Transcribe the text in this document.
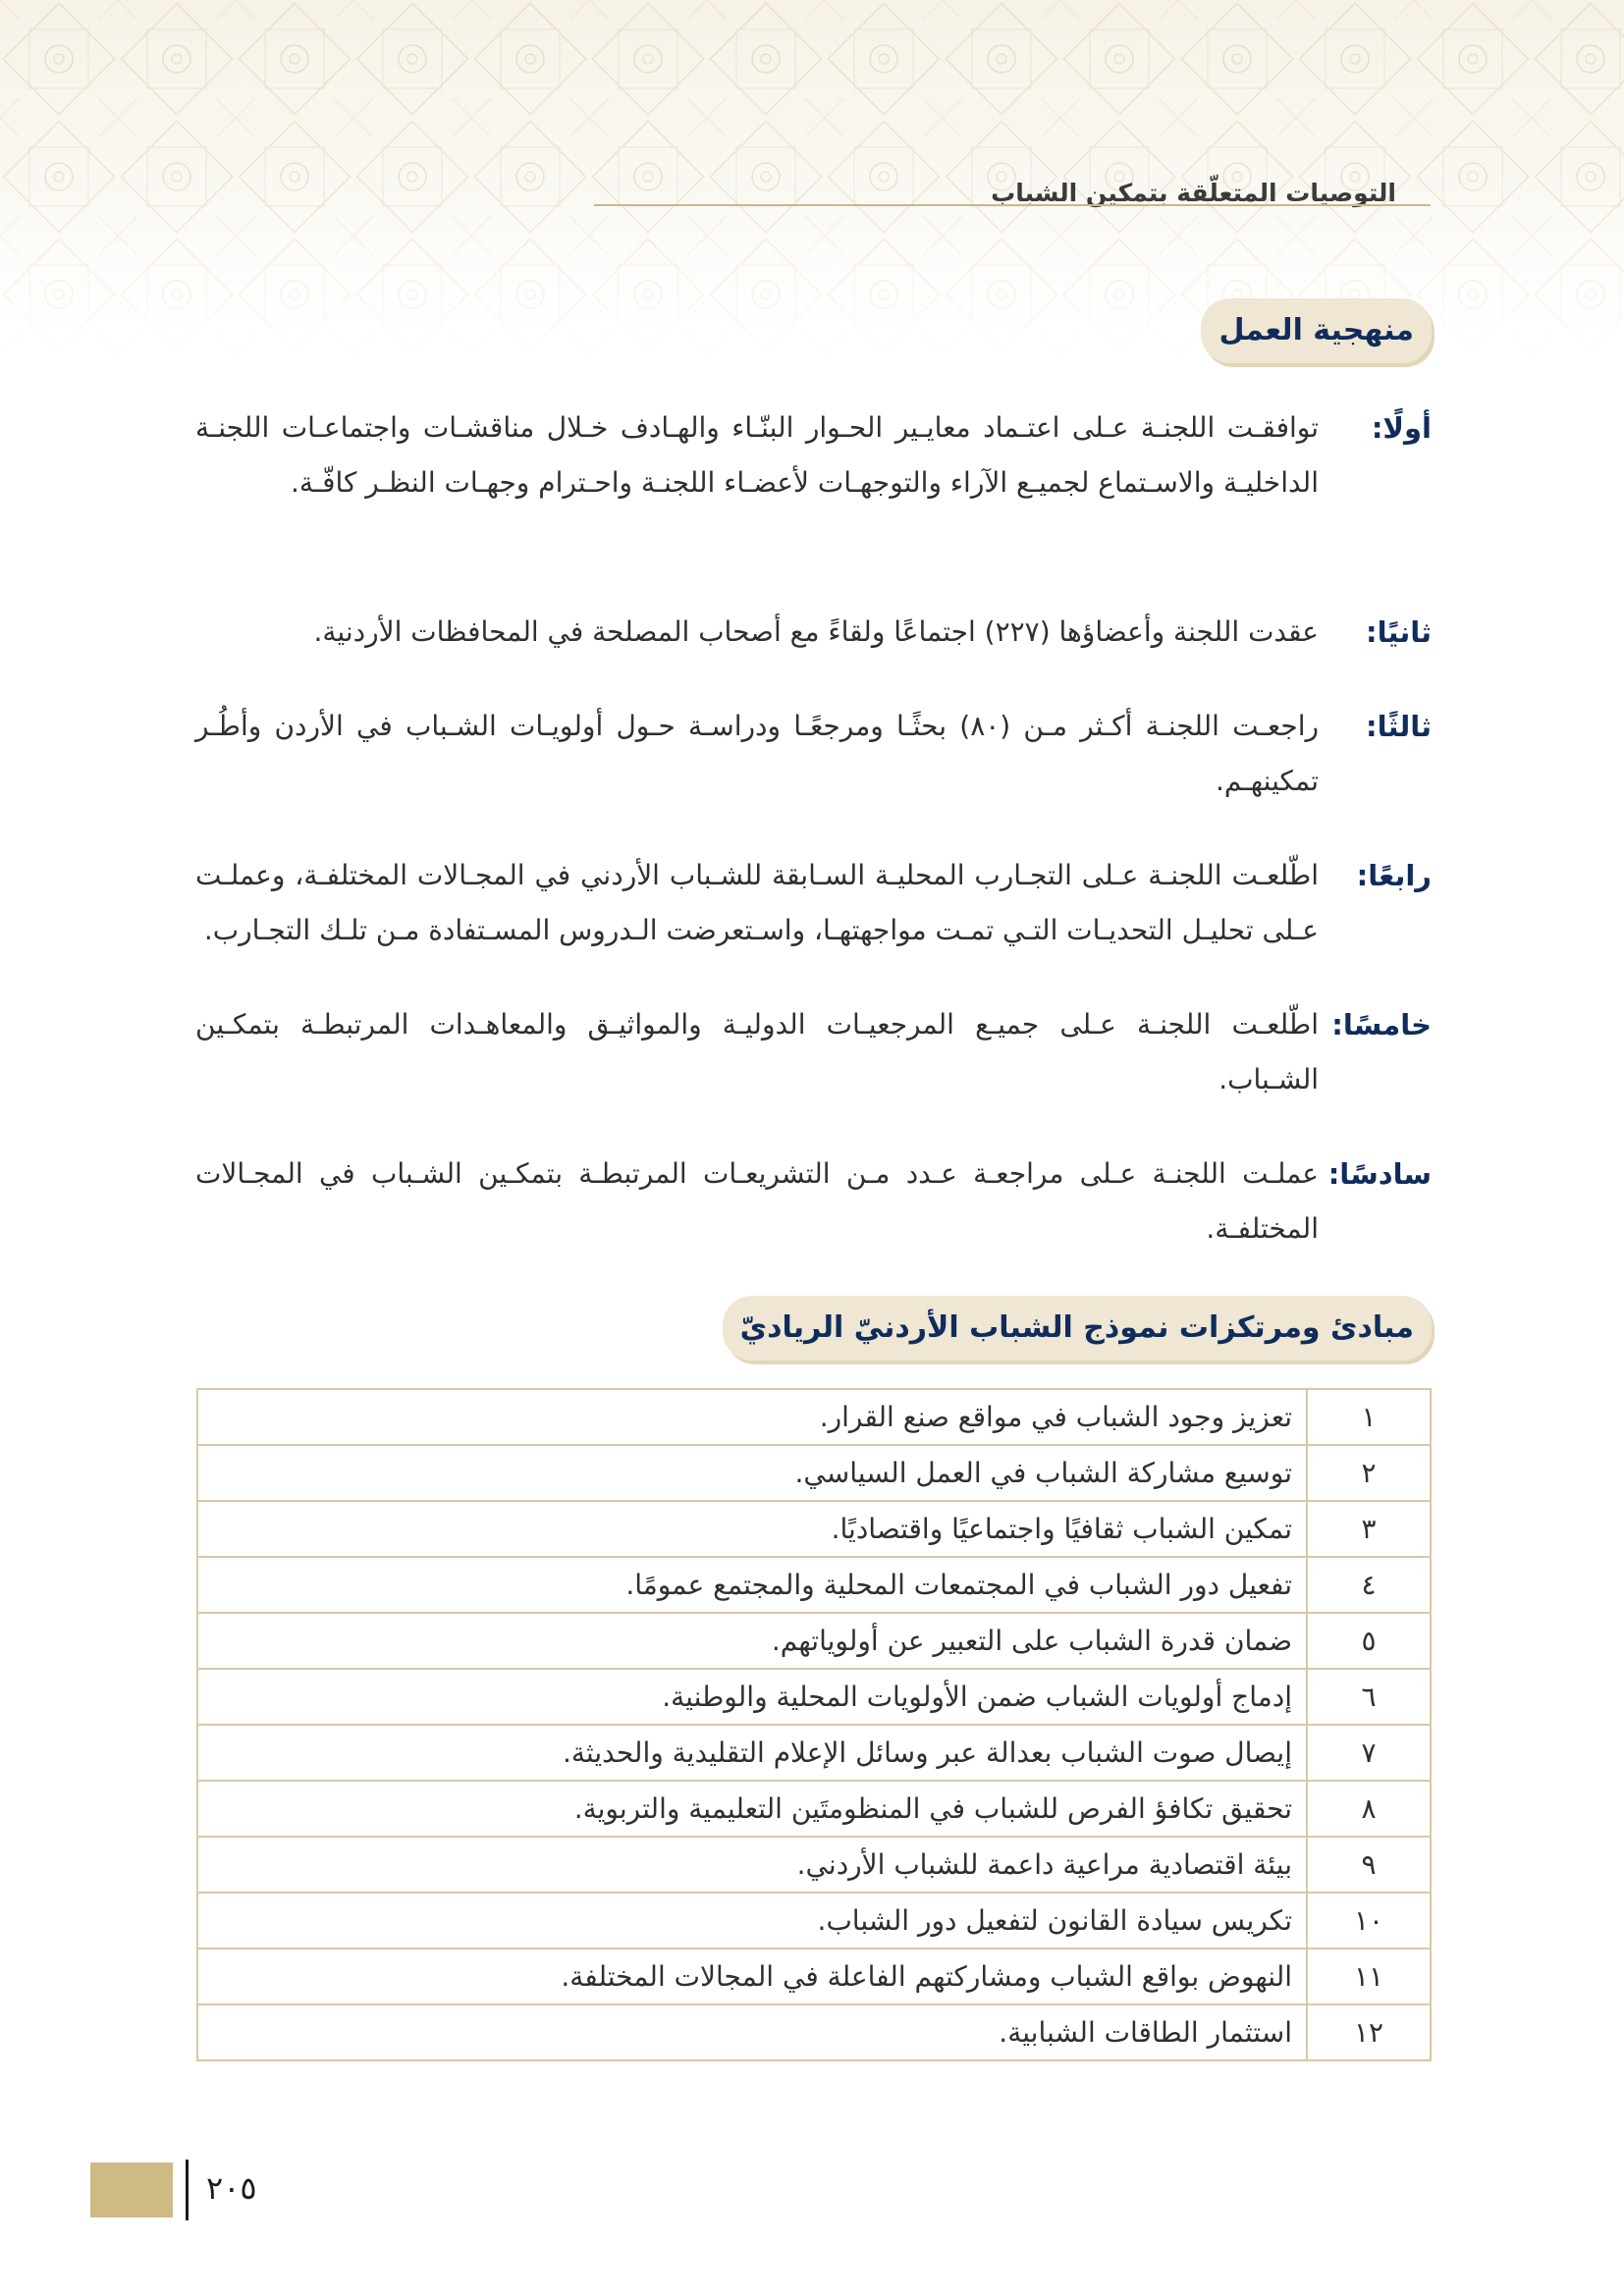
التوصيات المتعلّقة بتمكين الشباب
منهجية العمل
أولًا:
توافقـت اللجنـة عـلى اعتـماد معايـير الحـوار البنّـاء والهـادف خـلال مناقشـات واجتماعـات اللجنـة الداخليـة والاسـتماع لجميـع الآراء والتوجهـات لأعضـاء اللجنـة واحـترام وجهـات النظـر كافّـة.
ثانيًا:
عقدت اللجنة وأعضاؤها (٢٢٧) اجتماعًا ولقاءً مع أصحاب المصلحة في المحافظات الأردنية.
ثالثًا:
راجعـت اللجنـة أكـثر مـن (٨٠) بحثًـا ومرجعًـا ودراسـة حـول أولويـات الشـباب في الأردن وأطُـر تمكينهـم.
رابعًا:
اطّلعـت اللجنـة عـلى التجـارب المحليـة السـابقة للشـباب الأردني في المجـالات المختلفـة، وعملـت عـلى تحليـل التحديـات التـي تمـت مواجهتهـا، واسـتعرضت الـدروس المسـتفادة مـن تلـك التجـارب.
خامسًا:
اطّلعـت اللجنـة عـلى جميـع المرجعيـات الدوليـة والمواثيـق والمعاهـدات المرتبطـة بتمكـين الشـباب.
سادسًا:
عملـت اللجنـة عـلى مراجعـة عـدد مـن التشريعـات المرتبطـة بتمكـين الشـباب في المجـالات المختلفـة.
مبادئ ومرتكزات نموذج الشباب الأردنيّ الرياديّ
١	تعزيز وجود الشباب في مواقع صنع القرار.
٢	توسيع مشاركة الشباب في العمل السياسي.
٣	تمكين الشباب ثقافيًا واجتماعيًا واقتصاديًا.
٤	تفعيل دور الشباب في المجتمعات المحلية والمجتمع عمومًا.
٥	ضمان قدرة الشباب على التعبير عن أولوياتهم.
٦	إدماج أولويات الشباب ضمن الأولويات المحلية والوطنية.
٧	إيصال صوت الشباب بعدالة عبر وسائل الإعلام التقليدية والحديثة.
٨	تحقيق تكافؤ الفرص للشباب في المنظومتَين التعليمية والتربوية.
٩	بيئة اقتصادية مراعية داعمة للشباب الأردني.
١٠	تكريس سيادة القانون لتفعيل دور الشباب.
١١	النهوض بواقع الشباب ومشاركتهم الفاعلة في المجالات المختلفة.
١٢	استثمار الطاقات الشبابية.
٢٠٥
